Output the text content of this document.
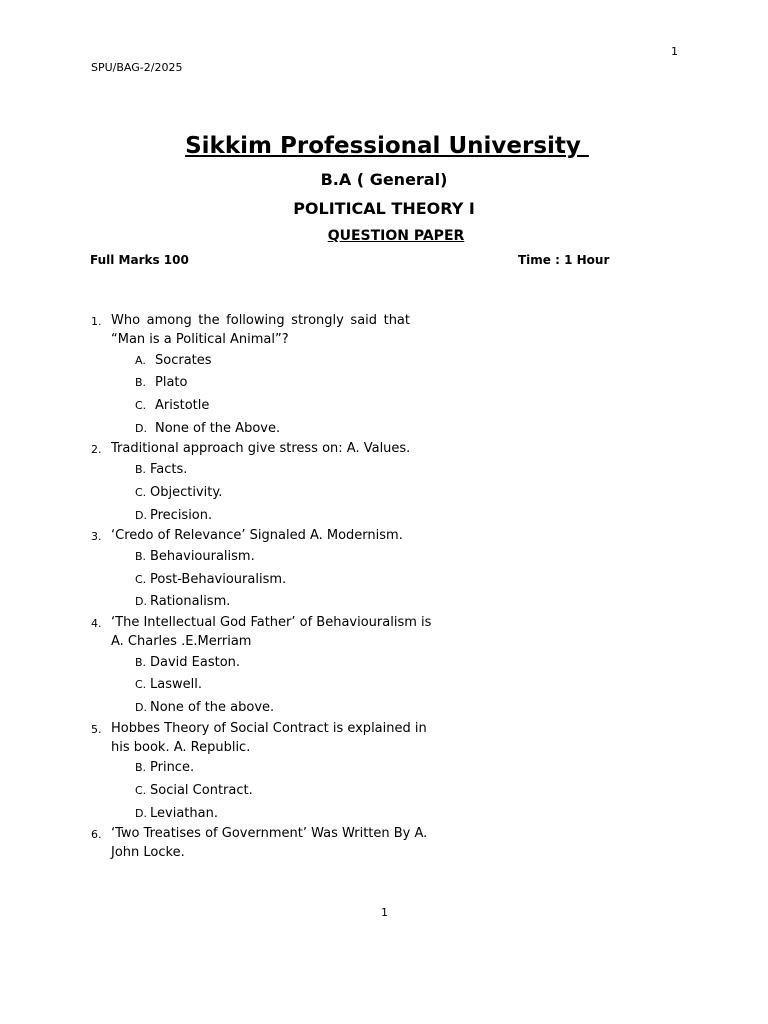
1
SPU/BAG-2/2025
Sikkim Professional University
B.A ( General)
POLITICAL THEORY I
QUESTION PAPER
Full Marks 100	Time : 1 Hour
1. Who among the following strongly said that “Man is a Political Animal”?
A. Socrates
B. Plato
C. Aristotle
D. None of the Above.
2. Traditional approach give stress on: A. Values.
B. Facts.
C. Objectivity.
D. Precision.
3. ‘Credo of Relevance’ Signaled A. Modernism.
B. Behaviouralism.
C. Post-Behaviouralism.
D. Rationalism.
4. ‘The Intellectual God Father’ of Behaviouralism is A. Charles .E.Merriam
B. David Easton.
C. Laswell.
D. None of the above.
5. Hobbes Theory of Social Contract is explained in his book. A. Republic.
B. Prince.
C. Social Contract.
D. Leviathan.
6. ‘Two Treatises of Government’ Was Written By A. John Locke.
1
